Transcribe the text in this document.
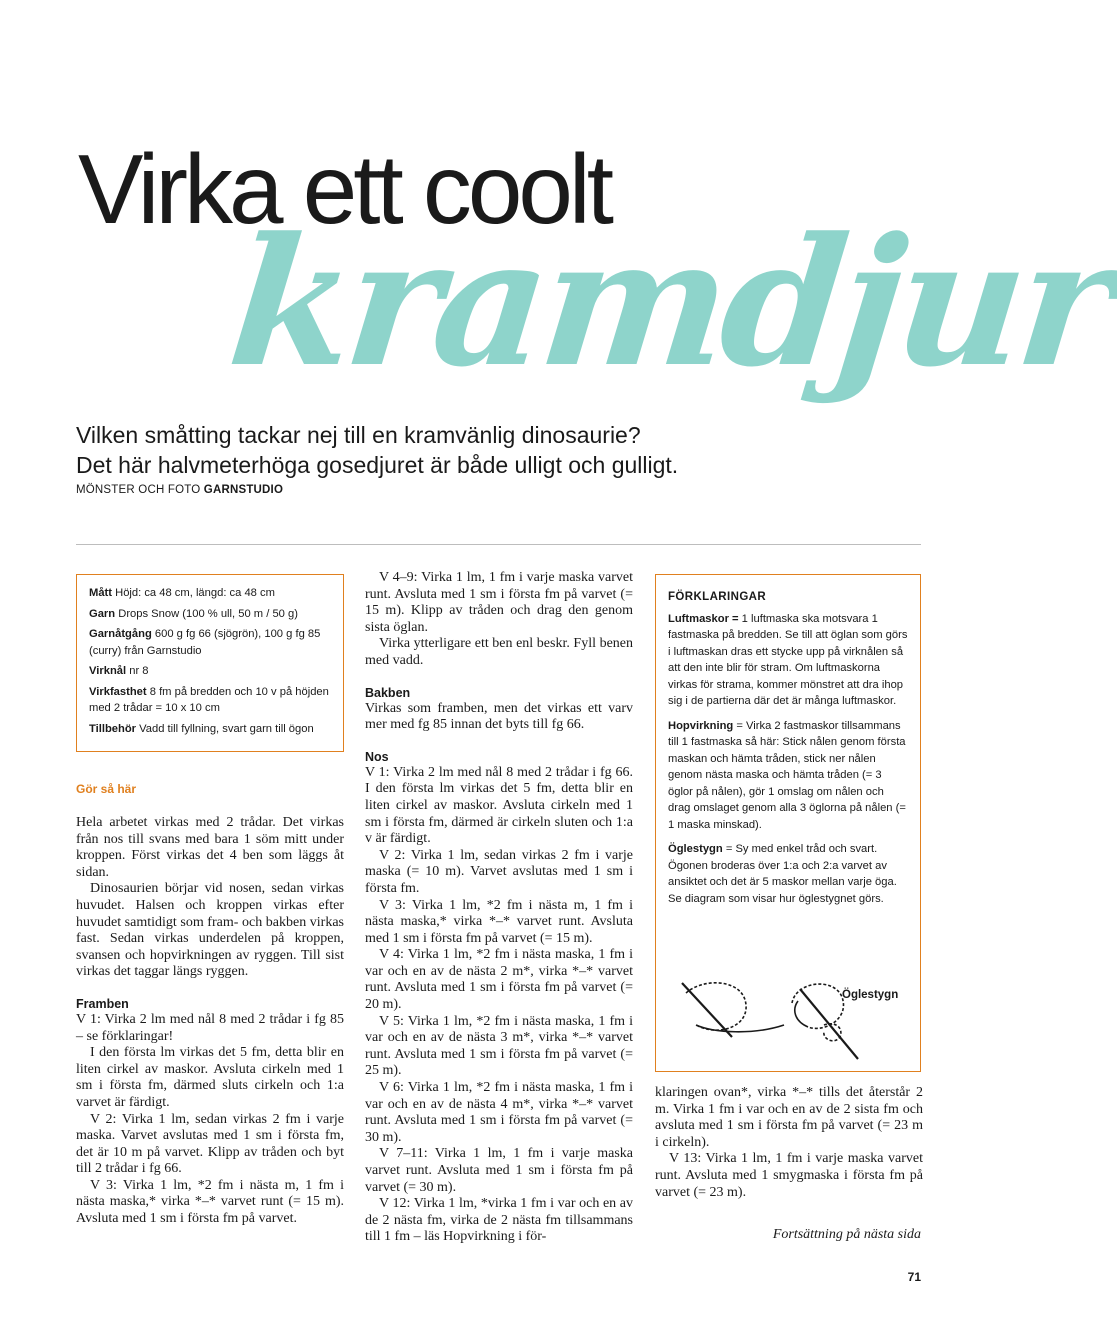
Virka ett coolt
kramdjur
Vilken småtting tackar nej till en kramvänlig dinosaurie?
Det här halvmeterhöga gosedjuret är både ulligt och gulligt.
MÖNSTER OCH FOTO GARNSTUDIO
Mått Höjd: ca 48 cm, längd: ca 48 cm
Garn Drops Snow (100 % ull, 50 m / 50 g)
Garnåtgång 600 g fg 66 (sjögrön), 100 g fg 85 (curry) från Garnstudio
Virknål nr 8
Virkfasthet 8 fm på bredden och 10 v på höjden med 2 trådar = 10 x 10 cm
Tillbehör Vadd till fyllning, svart garn till ögon
Gör så här

Hela arbetet virkas med 2 trådar. Det virkas från nos till svans med bara 1 söm mitt under kroppen. Först virkas det 4 ben som läggs åt sidan.

Dinosaurien börjar vid nosen, sedan virkas huvudet. Halsen och kroppen virkas efter huvudet samtidigt som fram- och bakben virkas fast. Sedan virkas underdelen på kroppen, svansen och hopvirkningen av ryggen. Till sist virkas det taggar längs ryggen.

Framben

V 1: Virka 2 lm med nål 8 med 2 trådar i fg 85 – se förklaringar!

I den första lm virkas det 5 fm, detta blir en liten cirkel av maskor. Avsluta cirkeln med 1 sm i första fm, därmed sluts cirkeln och 1:a varvet är färdigt.

V 2: Virka 1 lm, sedan virkas 2 fm i varje maska. Varvet avslutas med 1 sm i första fm, det är 10 m på varvet. Klipp av tråden och byt till 2 trådar i fg 66.

V 3: Virka 1 lm, *2 fm i nästa m, 1 fm i nästa maska,* virka *–* varvet runt (= 15 m). Avsluta med 1 sm i första fm på varvet.

V 4–9: Virka 1 lm, 1 fm i varje maska varvet runt. Avsluta med 1 sm i första fm på varvet (= 15 m). Klipp av tråden och drag den genom sista öglan.

Virka ytterligare ett ben enl beskr. Fyll benen med vadd.

Bakben

Virkas som framben, men det virkas ett varv mer med fg 85 innan det byts till fg 66.

Nos

V 1: Virka 2 lm med nål 8 med 2 trådar i fg 66. I den första lm virkas det 5 fm, detta blir en liten cirkel av maskor. Avsluta cirkeln med 1 sm i första fm, därmed är cirkeln sluten och 1:a v är färdigt.

V 2: Virka 1 lm, sedan virkas 2 fm i varje maska (= 10 m). Varvet avslutas med 1 sm i första fm.

V 3: Virka 1 lm, *2 fm i nästa m, 1 fm i nästa maska,* virka *–* varvet runt. Avsluta med 1 sm i första fm på varvet (= 15 m).

V 4: Virka 1 lm, *2 fm i nästa maska, 1 fm i var och en av de nästa 2 m*, virka *–* varvet runt. Avsluta med 1 sm i första fm på varvet (= 20 m).

V 5: Virka 1 lm, *2 fm i nästa maska, 1 fm i var och en av de nästa 3 m*, virka *–* varvet runt. Avsluta med 1 sm i första fm på varvet (= 25 m).

V 6: Virka 1 lm, *2 fm i nästa maska, 1 fm i var och en av de nästa 4 m*, virka *–* varvet runt. Avsluta med 1 sm i första fm på varvet (= 30 m).

V 7–11: Virka 1 lm, 1 fm i varje maska varvet runt. Avsluta med 1 sm i första fm på varvet (= 30 m).

V 12: Virka 1 lm, *virka 1 fm i var och en av de 2 nästa fm, virka de 2 nästa fm tillsammans till 1 fm – läs Hopvirkning i för-

FÖRKLARINGAR
Luftmaskor = 1 luftmaska ska motsvara 1 fastmaska på bredden. Se till att öglan som görs i luftmaskan dras ett stycke upp på virknålen så att den inte blir för stram. Om luftmaskorna virkas för strama, kommer mönstret att dra ihop sig i de partierna där det är många luftmaskor.
Hopvirkning = Virka 2 fastmaskor tillsammans till 1 fastmaska så här: Stick nålen genom första maskan och hämta tråden, stick ner nålen genom nästa maska och hämta tråden (= 3 öglor på nålen), gör 1 omslag om nålen och drag omslaget genom alla 3 öglorna på nålen (= 1 maska minskad).
Öglestygn = Sy med enkel tråd och svart. Ögonen broderas över 1:a och 2:a varvet av ansiktet och det är 5 maskor mellan varje öga. Se diagram som visar hur öglestygnet görs.
Öglestygn

klaringen ovan*, virka *–* tills det återstår 2 m. Virka 1 fm i var och en av de 2 sista fm och avsluta med 1 sm i första fm på varvet (= 23 m i cirkeln).

V 13: Virka 1 lm, 1 fm i varje maska varvet runt. Avsluta med 1 smygmaska i första fm på varvet (= 23 m).

Fortsättning på nästa sida
71
